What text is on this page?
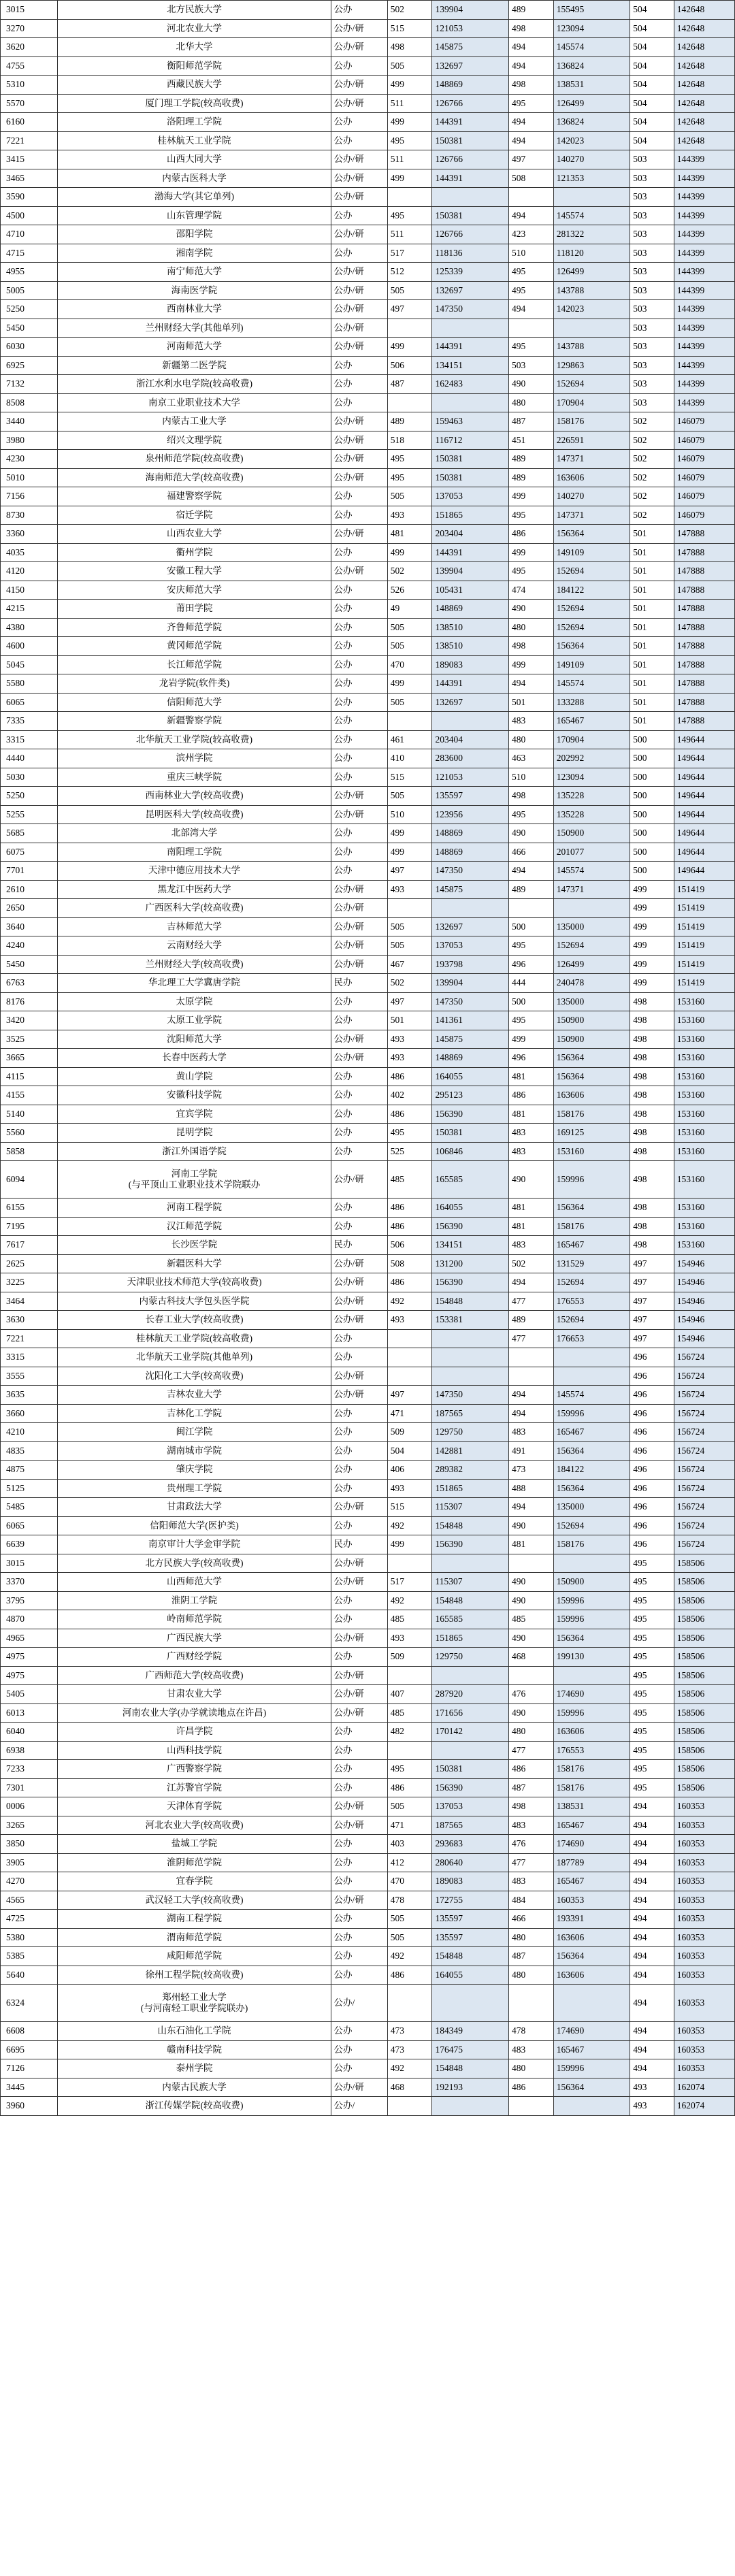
3015	北方民族大学	公办	502	139904	489	155495	504	142648
3270	河北农业大学	公办/研	515	121053	498	123094	504	142648
3620	北华大学	公办/研	498	145875	494	145574	504	142648
4755	衡阳师范学院	公办	505	132697	494	136824	504	142648
5310	西藏民族大学	公办/研	499	148869	498	138531	504	142648
5570	厦门理工学院(较高收费)	公办/研	511	126766	495	126499	504	142648
6160	洛阳理工学院	公办	499	144391	494	136824	504	142648
7221	桂林航天工业学院	公办	495	150381	494	142023	504	142648
3415	山西大同大学	公办/研	511	126766	497	140270	503	144399
3465	内蒙古医科大学	公办/研	499	144391	508	121353	503	144399
3590	渤海大学(其它单列)	公办/研					503	144399
4500	山东管理学院	公办	495	150381	494	145574	503	144399
4710	邵阳学院	公办/研	511	126766	423	281322	503	144399
4715	湘南学院	公办	517	118136	510	118120	503	144399
4955	南宁师范大学	公办/研	512	125339	495	126499	503	144399
5005	海南医学院	公办/研	505	132697	495	143788	503	144399
5250	西南林业大学	公办/研	497	147350	494	142023	503	144399
5450	兰州财经大学(其他单列)	公办/研					503	144399
6030	河南师范大学	公办/研	499	144391	495	143788	503	144399
6925	新疆第二医学院	公办	506	134151	503	129863	503	144399
7132	浙江水利水电学院(较高收费)	公办	487	162483	490	152694	503	144399
8508	南京工业职业技术大学	公办			480	170904	503	144399
3440	内蒙古工业大学	公办/研	489	159463	487	158176	502	146079
3980	绍兴文理学院	公办/研	518	116712	451	226591	502	146079
4230	泉州师范学院(较高收费)	公办/研	495	150381	489	147371	502	146079
5010	海南师范大学(较高收费)	公办/研	495	150381	489	163606	502	146079
7156	福建警察学院	公办	505	137053	499	140270	502	146079
8730	宿迁学院	公办	493	151865	495	147371	502	146079
3360	山西农业大学	公办/研	481	203404	486	156364	501	147888
4035	衢州学院	公办	499	144391	499	149109	501	147888
4120	安徽工程大学	公办/研	502	139904	495	152694	501	147888
4150	安庆师范大学	公办	526	105431	474	184122	501	147888
4215	莆田学院	公办	49	148869	490	152694	501	147888
4380	齐鲁师范学院	公办	505	138510	480	152694	501	147888
4600	黄冈师范学院	公办	505	138510	498	156364	501	147888
5045	长江师范学院	公办	470	189083	499	149109	501	147888
5580	龙岩学院(软件类)	公办	499	144391	494	145574	501	147888
6065	信阳师范大学	公办	505	132697	501	133288	501	147888
7335	新疆警察学院	公办			483	165467	501	147888
3315	北华航天工业学院(较高收费)	公办	461	203404	480	170904	500	149644
4440	滨州学院	公办	410	283600	463	202992	500	149644
5030	重庆三峡学院	公办	515	121053	510	123094	500	149644
5250	西南林业大学(较高收费)	公办/研	505	135597	498	135228	500	149644
5255	昆明医科大学(较高收费)	公办/研	510	123956	495	135228	500	149644
5685	北部湾大学	公办	499	148869	490	150900	500	149644
6075	南阳理工学院	公办	499	148869	466	201077	500	149644
7701	天津中德应用技术大学	公办	497	147350	494	145574	500	149644
2610	黑龙江中医药大学	公办/研	493	145875	489	147371	499	151419
2650	广西医科大学(较高收费)	公办/研					499	151419
3640	吉林师范大学	公办/研	505	132697	500	135000	499	151419
4240	云南财经大学	公办/研	505	137053	495	152694	499	151419
5450	兰州财经大学(较高收费)	公办/研	467	193798	496	126499	499	151419
6763	华北理工大学冀唐学院	民办	502	139904	444	240478	499	151419
8176	太原学院	公办	497	147350	500	135000	498	153160
3420	太原工业学院	公办	501	141361	495	150900	498	153160
3525	沈阳师范大学	公办/研	493	145875	499	150900	498	153160
3665	长春中医药大学	公办/研	493	148869	496	156364	498	153160
4115	黄山学院	公办	486	164055	481	156364	498	153160
4155	安徽科技学院	公办	402	295123	486	163606	498	153160
5140	宜宾学院	公办	486	156390	481	158176	498	153160
5560	昆明学院	公办	495	150381	483	169125	498	153160
5858	浙江外国语学院	公办	525	106846	483	153160	498	153160
6094	河南工学院
(与平顶山工业职业技术学院联办	公办/研	485	165585	490	159996	498	153160
6155	河南工程学院	公办	486	164055	481	156364	498	153160
7195	汉江师范学院	公办	486	156390	481	158176	498	153160
7617	长沙医学院	民办	506	134151	483	165467	498	153160
2625	新疆医科大学	公办/研	508	131200	502	131529	497	154946
3225	天津职业技术师范大学(较高收费)	公办/研	486	156390	494	152694	497	154946
3464	内蒙古科技大学包头医学院	公办/研	492	154848	477	176553	497	154946
3630	长春工业大学(较高收费)	公办/研	493	153381	489	152694	497	154946
7221	桂林航天工业学院(较高收费)	公办			477	176653	497	154946
3315	北华航天工业学院(其他单列)	公办					496	156724
3555	沈阳化工大学(较高收费)	公办/研					496	156724
3635	吉林农业大学	公办/研	497	147350	494	145574	496	156724
3660	吉林化工学院	公办	471	187565	494	159996	496	156724
4210	闽江学院	公办	509	129750	483	165467	496	156724
4835	湖南城市学院	公办	504	142881	491	156364	496	156724
4875	肇庆学院	公办	406	289382	473	184122	496	156724
5125	贵州理工学院	公办	493	151865	488	156364	496	156724
5485	甘肃政法大学	公办/研	515	115307	494	135000	496	156724
6065	信阳师范大学(医护类)	公办	492	154848	490	152694	496	156724
6639	南京审计大学金审学院	民办	499	156390	481	158176	496	156724
3015	北方民族大学(较高收费)	公办/研					495	158506
3370	山西师范大学	公办/研	517	115307	490	150900	495	158506
3795	淮阴工学院	公办	492	154848	490	159996	495	158506
4870	岭南师范学院	公办	485	165585	485	159996	495	158506
4965	广西民族大学	公办/研	493	151865	490	156364	495	158506
4975	广西财经学院	公办	509	129750	468	199130	495	158506
4975	广西师范大学(较高收费)	公办/研					495	158506
5405	甘肃农业大学	公办/研	407	287920	476	174690	495	158506
6013	河南农业大学(办学就读地点在许昌)	公办/研	485	171656	490	159996	495	158506
6040	许昌学院	公办	482	170142	480	163606	495	158506
6938	山西科技学院	公办			477	176553	495	158506
7233	广西警察学院	公办	495	150381	486	158176	495	158506
7301	江苏警官学院	公办	486	156390	487	158176	495	158506
0006	天津体育学院	公办/研	505	137053	498	138531	494	160353
3265	河北农业大学(较高收费)	公办/研	471	187565	483	165467	494	160353
3850	盐城工学院	公办	403	293683	476	174690	494	160353
3905	淮阴师范学院	公办	412	280640	477	187789	494	160353
4270	宜春学院	公办	470	189083	483	165467	494	160353
4565	武汉轻工大学(较高收费)	公办/研	478	172755	484	160353	494	160353
4725	湖南工程学院	公办	505	135597	466	193391	494	160353
5380	渭南师范学院	公办	505	135597	480	163606	494	160353
5385	咸阳师范学院	公办	492	154848	487	156364	494	160353
5640	徐州工程学院(较高收费)	公办	486	164055	480	163606	494	160353
6324	郑州轻工业大学
(与河南轻工职业学院联办)	公办/					494	160353
6608	山东石油化工学院	公办	473	184349	478	174690	494	160353
6695	赣南科技学院	公办	473	176475	483	165467	494	160353
7126	泰州学院	公办	492	154848	480	159996	494	160353
3445	内蒙古民族大学	公办/研	468	192193	486	156364	493	162074
3960	浙江传媒学院(较高收费)	公办/					493	162074
